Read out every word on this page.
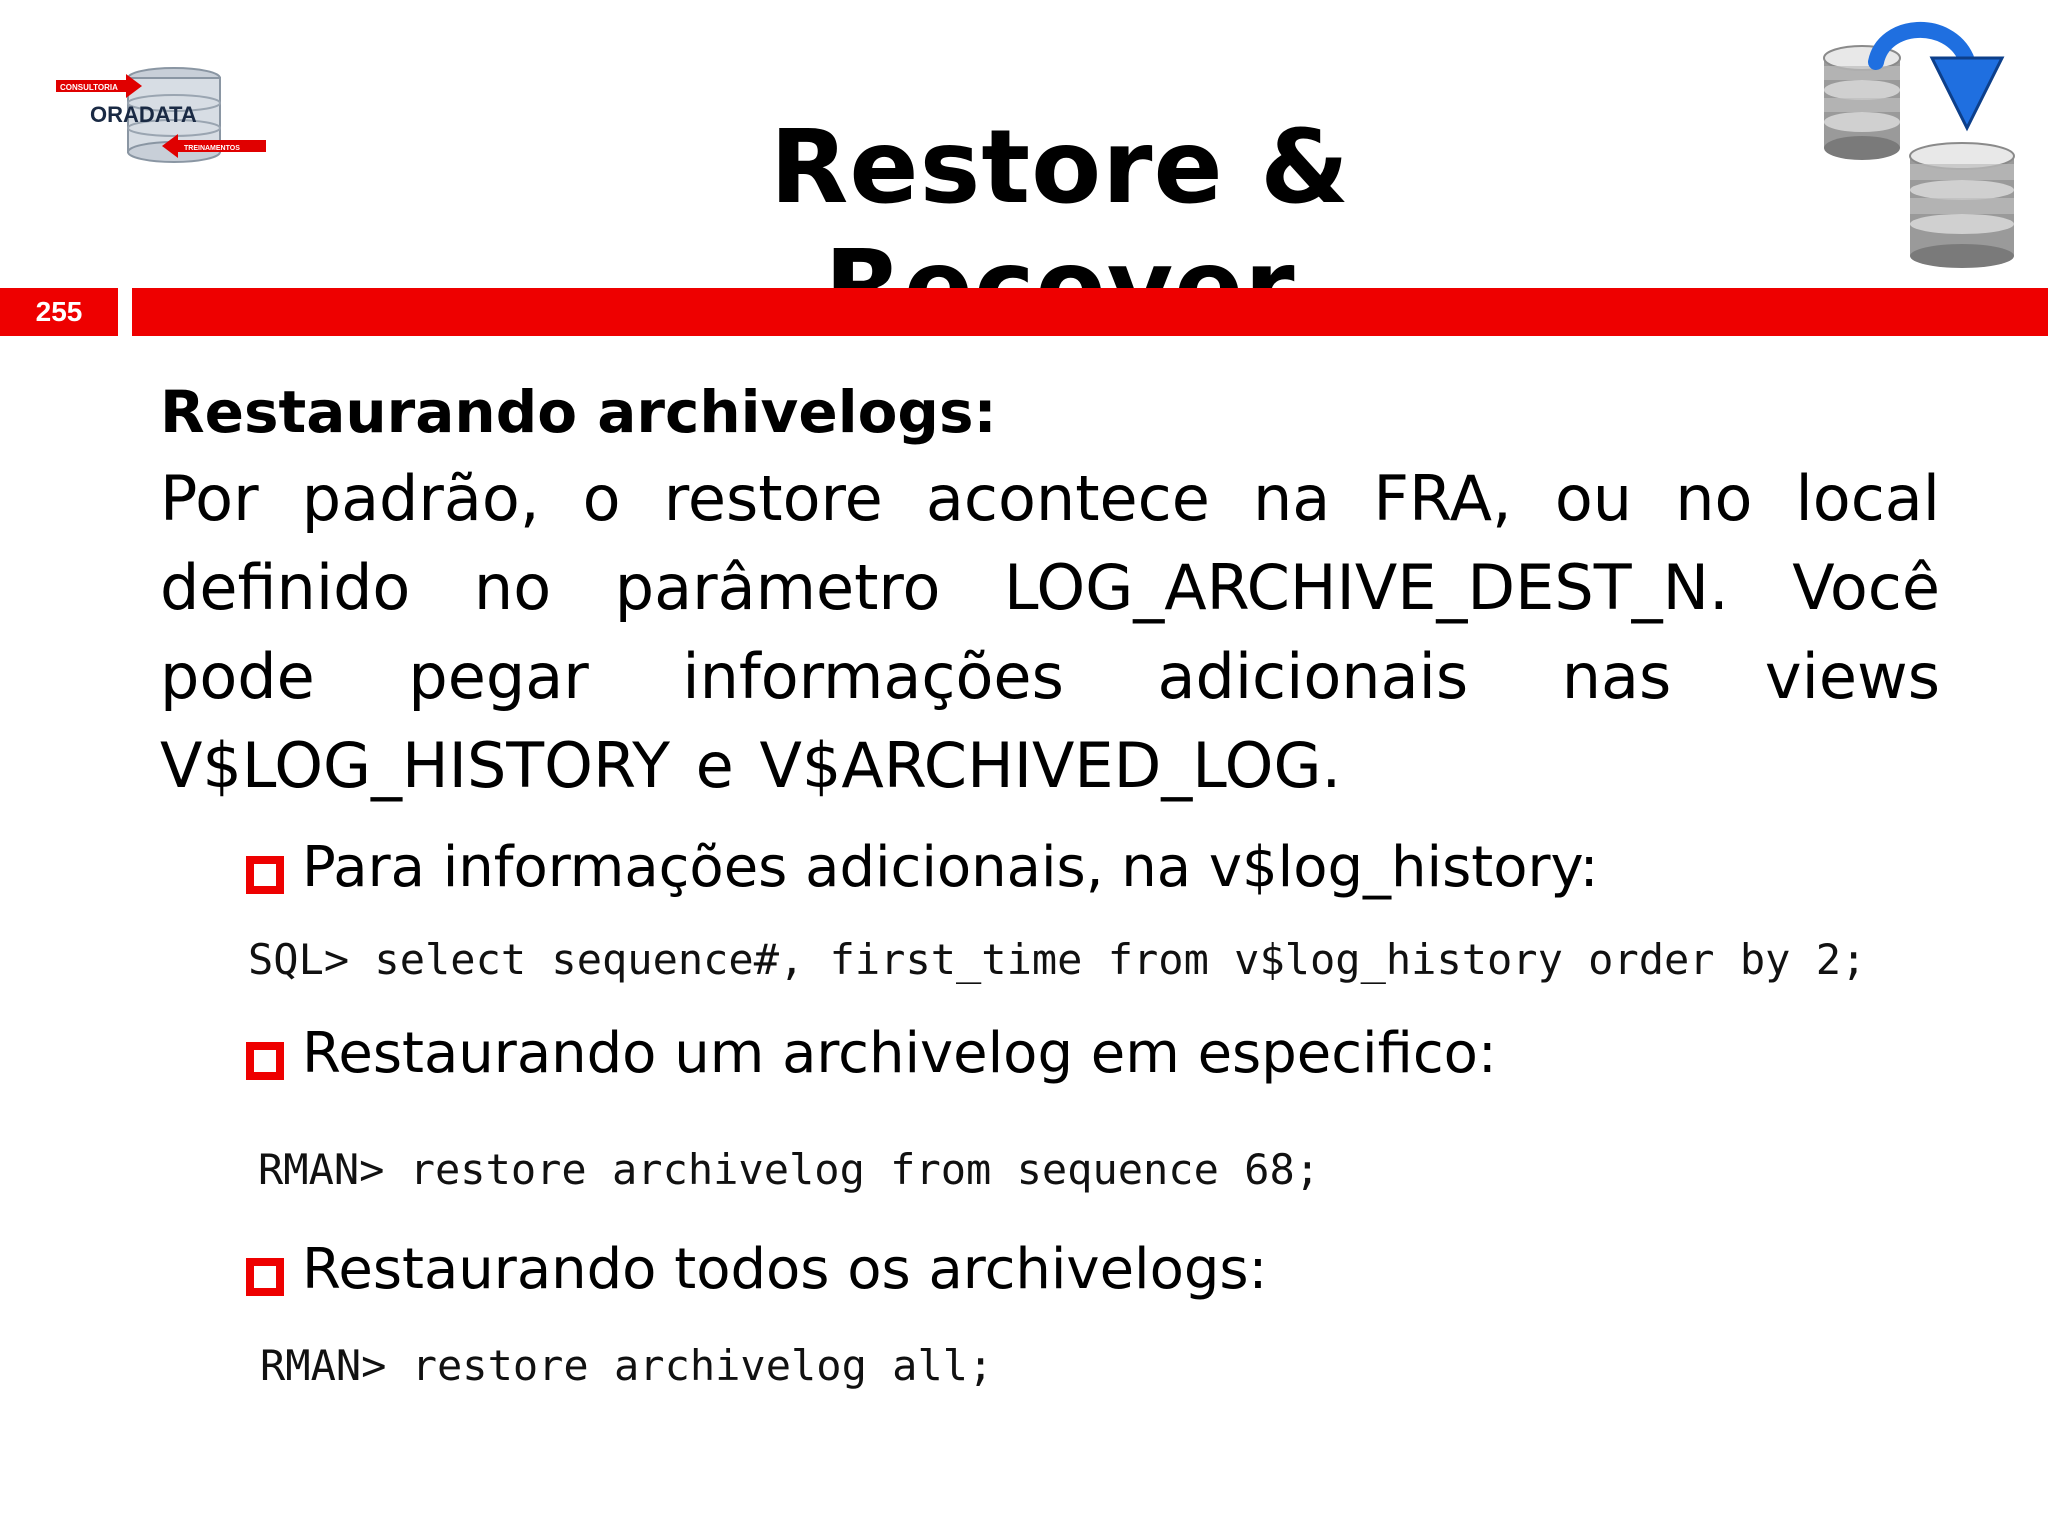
CONSULTORIA
ORADATA
TREINAMENTOS	Restore &
255

Restaurando archivelogs:

Por padrão, o restore acontece na FRA, ou no local definido no parâmetro LOG_ARCHIVE_DEST_N. Você pode pegar informações adicionais nas views V$LOG_HISTORY e V$ARCHIVED_LOG.

Para informações adicionais, na v$log_history:
SQL> select sequence#, first_time from v$log_history order by 2;
Restaurando um archivelog em especifico:
RMAN> restore archivelog from sequence 68;
Restaurando todos os archivelogs:
RMAN> restore archivelog all;
